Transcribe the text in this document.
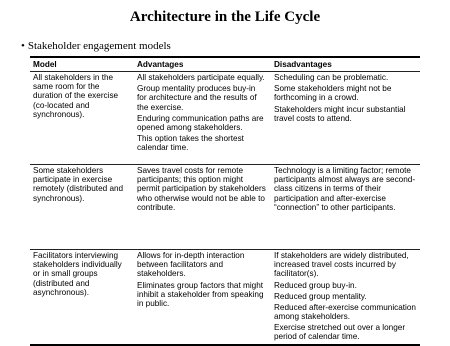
Architecture in the Life Cycle
• Stakeholder engagement models
Model	Advantages	Disadvantages
All stakeholders in the same room for the duration of the exercise (co-located and synchronous).
All stakeholders participate equally.
Group mentality produces buy-in for architecture and the results of the exercise.
Enduring communication paths are opened among stakeholders.
This option takes the shortest calendar time.
Scheduling can be problematic.
Some stakeholders might not be forthcoming in a crowd.
Stakeholders might incur substantial travel costs to attend.
Some stakeholders participate in exercise remotely (distributed and synchronous).
Saves travel costs for remote participants; this option might permit participation by stakeholders who otherwise would not be able to contribute.
Technology is a limiting factor; remote participants almost always are second-class citizens in terms of their participation and after-exercise “connection” to other participants.
Facilitators interviewing stakeholders individually or in small groups (distributed and asynchronous).
Allows for in-depth interaction between facilitators and stakeholders.
Eliminates group factors that might inhibit a stakeholder from speaking in public.
If stakeholders are widely distributed, increased travel costs incurred by facilitator(s).
Reduced group buy-in.
Reduced group mentality.
Reduced after-exercise communication among stakeholders.
Exercise stretched out over a longer period of calendar time.
